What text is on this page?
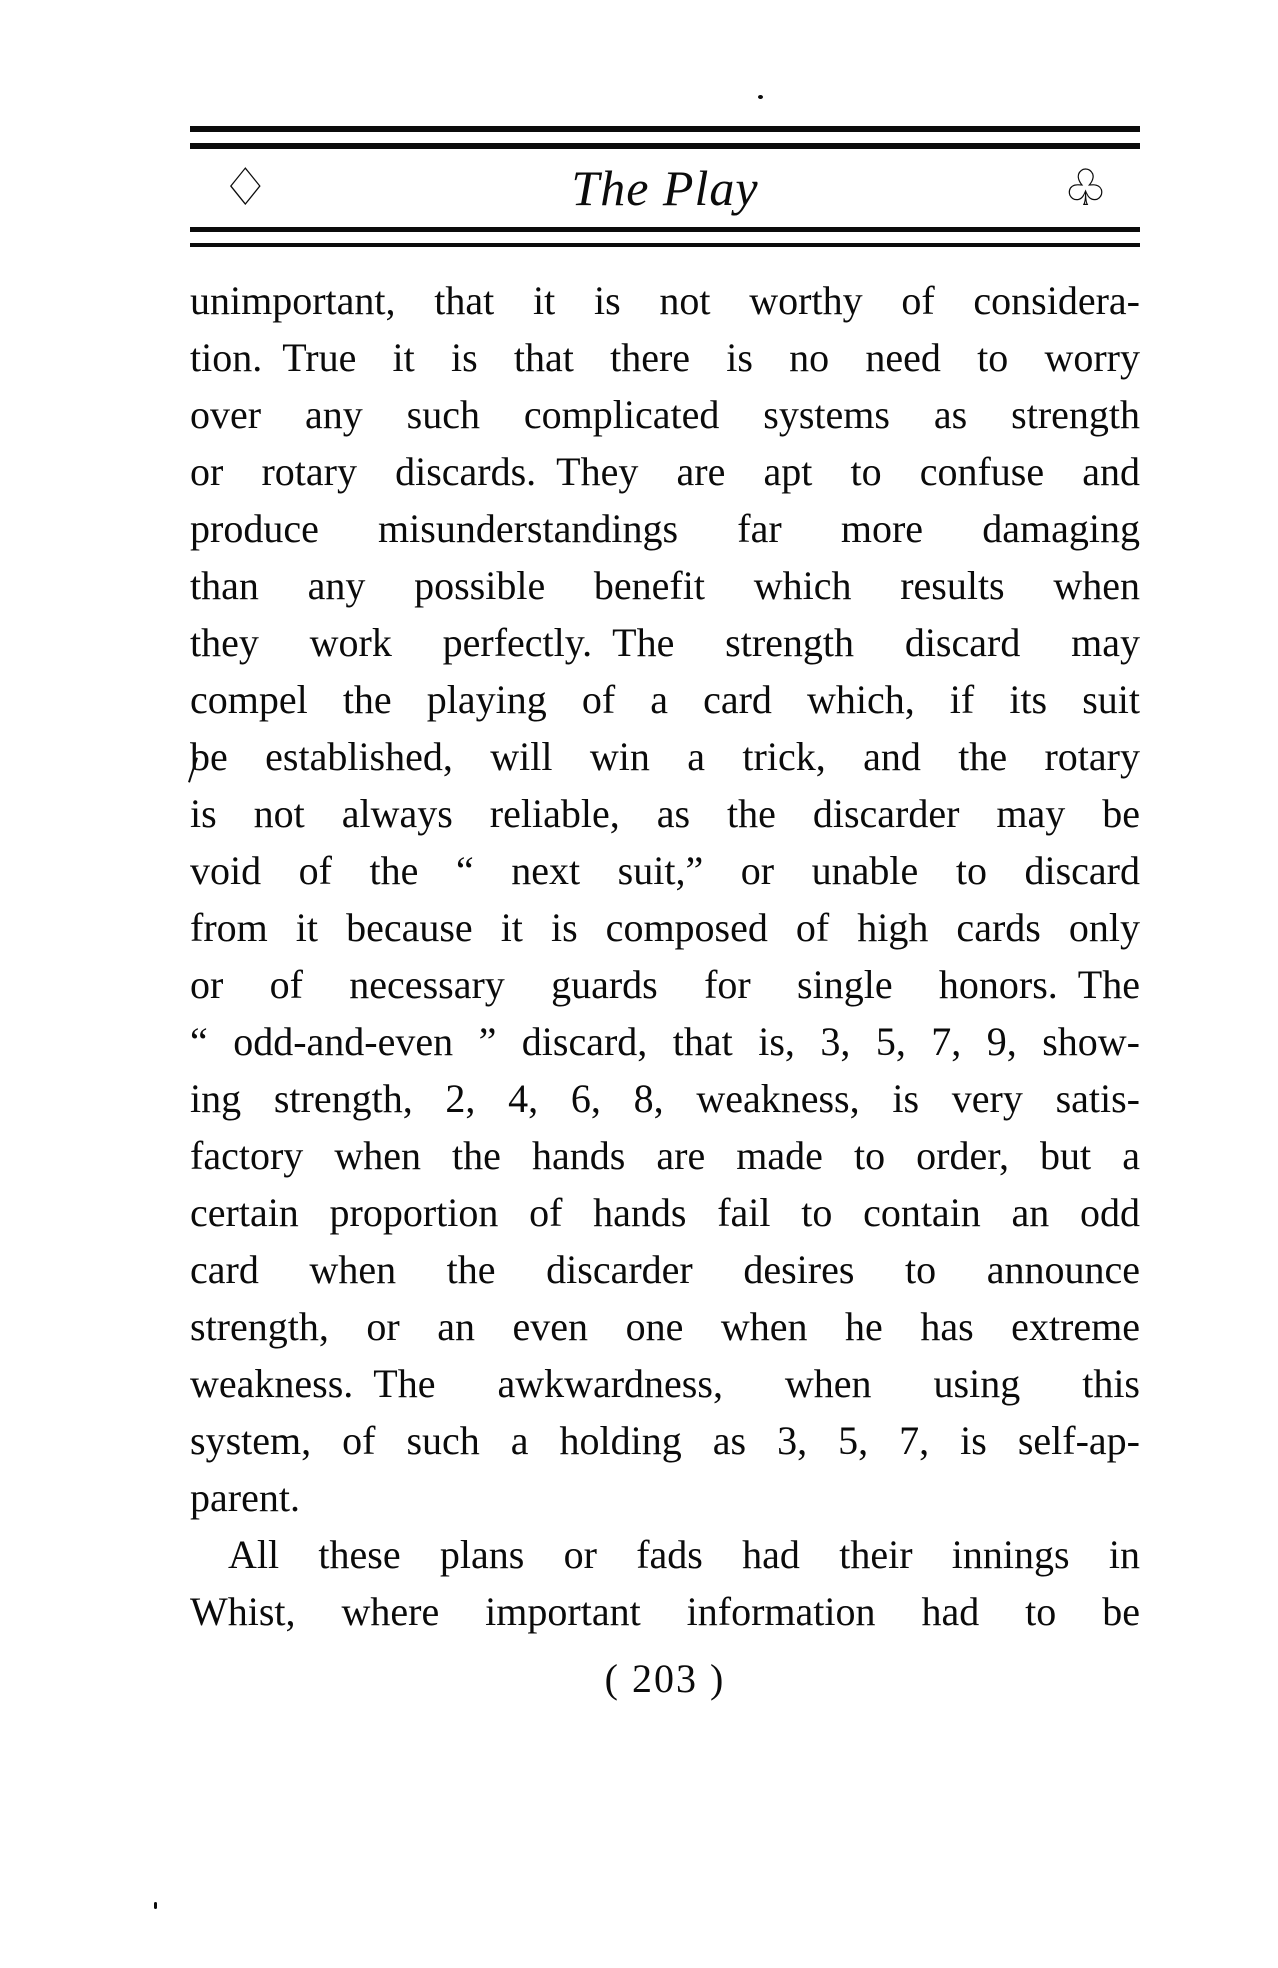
♢	The Play	♧
unimportant, that it is not worthy of considera-
tion. True it is that there is no need to worry
over any such complicated systems as strength
or rotary discards. They are apt to confuse and
produce misunderstandings far more damaging
than any possible benefit which results when
they work perfectly. The strength discard may
compel the playing of a card which, if its suit
be established, will win a trick, and the rotary
is not always reliable, as the discarder may be
void of the “ next suit,” or unable to discard
from it because it is composed of high cards only
or of necessary guards for single honors. The
“ odd-and-even ” discard, that is, 3, 5, 7, 9, show-
ing strength, 2, 4, 6, 8, weakness, is very satis-
factory when the hands are made to order, but a
certain proportion of hands fail to contain an odd
card when the discarder desires to announce
strength, or an even one when he has extreme
weakness. The awkwardness, when using this
system, of such a holding as 3, 5, 7, is self-ap-
parent.
All these plans or fads had their innings in
Whist, where important information had to be
( 203 )
